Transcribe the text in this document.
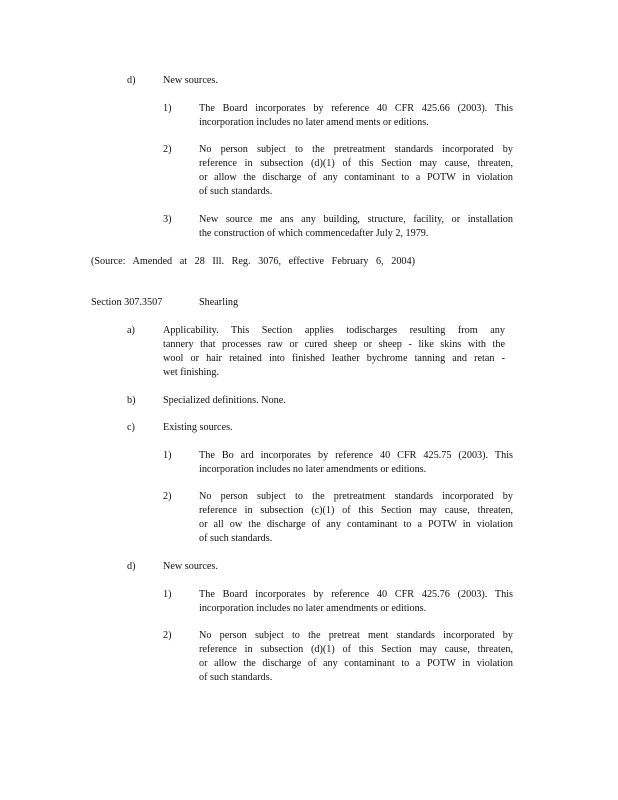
d)	New sources.
1)	The Board incorporates by reference 40 CFR 425.66 (2003). This
incorporation includes no later amend ments or editions.
2)	No person subject to the pretreatment standards incorporated by
reference in subsection (d)(1) of this Section may cause, threaten,
or allow the discharge of any contaminant to a POTW in violation
of such standards.
3)	New source me ans any building, structure, facility, or installation
the construction of which commencedafter July 2, 1979.
(Source: Amended at 28 Ill. Reg. 3076, effective February 6, 2004)
Section 307.3507	Shearling
a)	Applicability. This Section applies todischarges resulting from any
tannery that processes raw or cured sheep or sheep - like skins with the
wool or hair retained into finished leather bychrome tanning and retan -
wet finishing.
b)	Specialized definitions. None.
c)	Existing sources.
1)	The Bo ard incorporates by reference 40 CFR 425.75 (2003). This
incorporation includes no later amendments or editions.
2)	No person subject to the pretreatment standards incorporated by
reference in subsection (c)(1) of this Section may cause, threaten,
or all ow the discharge of any contaminant to a POTW in violation
of such standards.
d)	New sources.
1)	The Board incorporates by reference 40 CFR 425.76 (2003). This
incorporation includes no later amendments or editions.
2)	No person subject to the pretreat ment standards incorporated by
reference in subsection (d)(1) of this Section may cause, threaten,
or allow the discharge of any contaminant to a POTW in violation
of such standards.
